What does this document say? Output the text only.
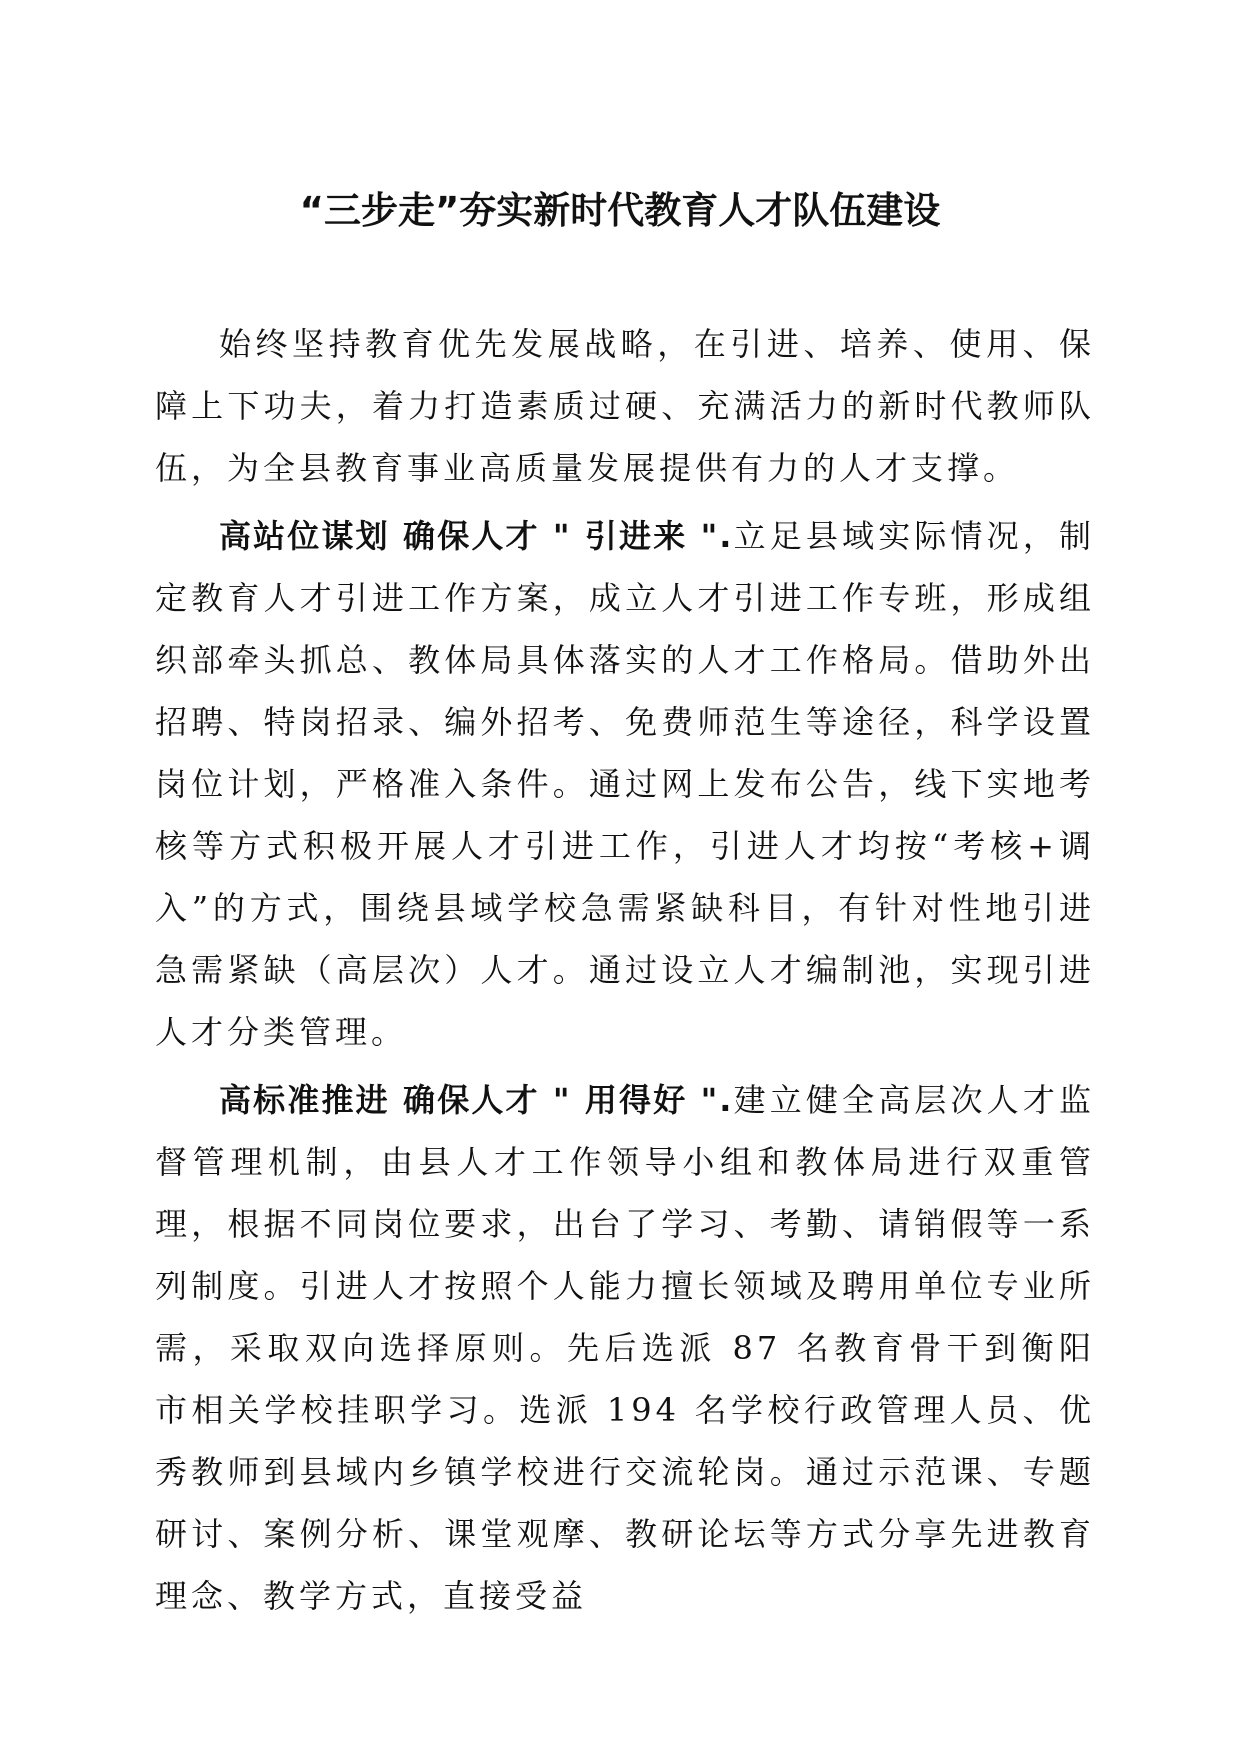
“三步走”夯实新时代教育人才队伍建设

始终坚持教育优先发展战略，在引进、培养、使用、保障上下功夫，着力打造素质过硬、充满活力的新时代教师队伍，为全县教育事业高质量发展提供有力的人才支撑。

高站位谋划 确保人才 " 引进来 ".立足县域实际情况，制定教育人才引进工作方案，成立人才引进工作专班，形成组织部牵头抓总、教体局具体落实的人才工作格局。借助外出招聘、特岗招录、编外招考、免费师范生等途径，科学设置岗位计划，严格准入条件。通过网上发布公告，线下实地考核等方式积极开展人才引进工作，引进人才均按“考核+调入”的方式，围绕县域学校急需紧缺科目，有针对性地引进急需紧缺（高层次）人才。通过设立人才编制池，实现引进人才分类管理。

高标准推进 确保人才 " 用得好 ".建立健全高层次人才监督管理机制，由县人才工作领导小组和教体局进行双重管理，根据不同岗位要求，出台了学习、考勤、请销假等一系列制度。引进人才按照个人能力擅长领域及聘用单位专业所需，采取双向选择原则。先后选派 87 名教育骨干到衡阳市相关学校挂职学习。选派 194 名学校行政管理人员、优秀教师到县域内乡镇学校进行交流轮岗。通过示范课、专题研讨、案例分析、课堂观摩、教研论坛等方式分享先进教育理念、教学方式，直接受益
